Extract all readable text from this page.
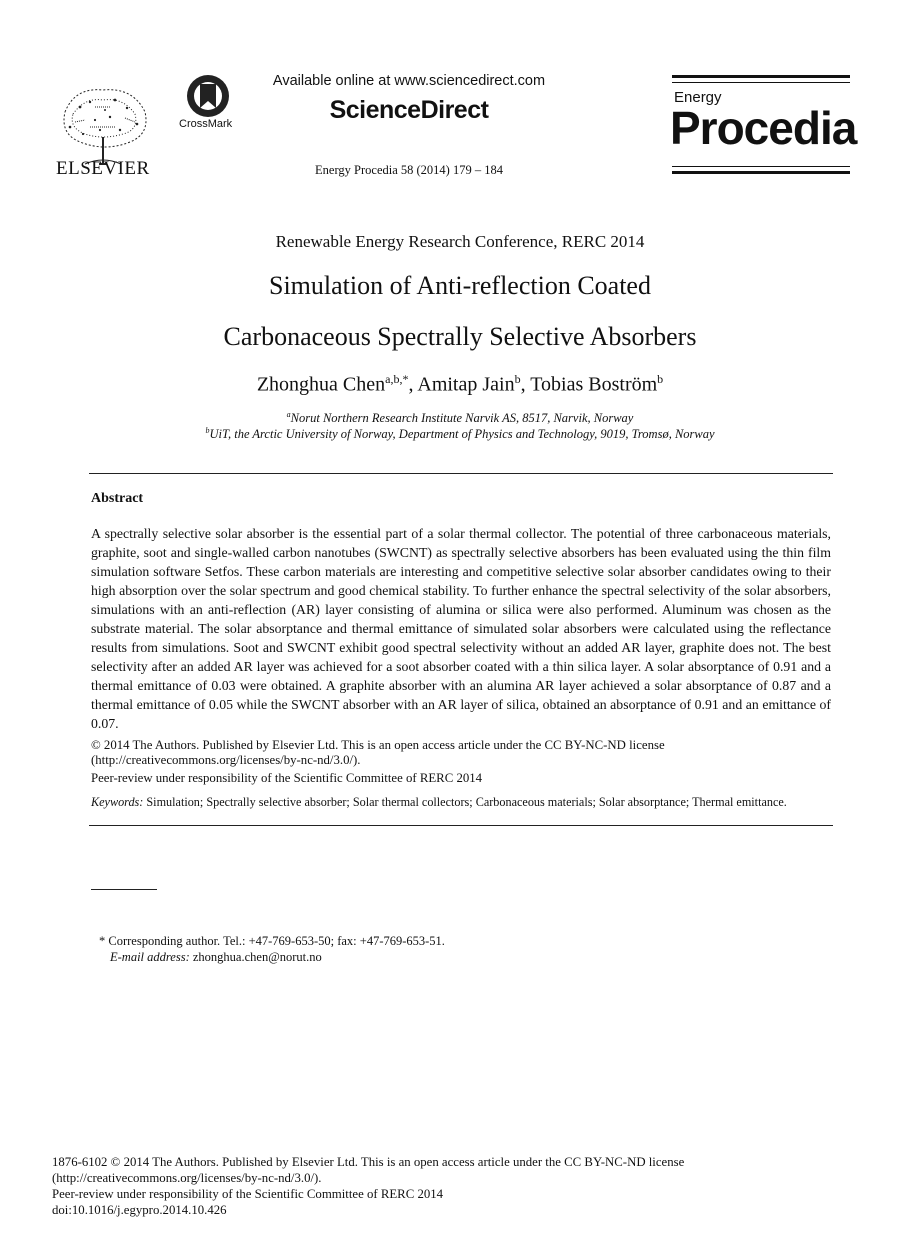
ELSEVIER
CrossMark
Available online at www.sciencedirect.com
ScienceDirect
Energy Procedia 58 (2014) 179 – 184
Energy
Procedia
Renewable Energy Research Conference, RERC 2014
Simulation of Anti-reflection Coated
Carbonaceous Spectrally Selective Absorbers
Zhonghua Chen$^{a,b,*}$, Amitap Jain$^b$, Tobias Boström$^b$
$^a$Norut Northern Research Institute Narvik AS, 8517, Narvik, Norway
$^b$UiT, the Arctic University of Norway, Department of Physics and Technology, 9019, Tromsø, Norway
Abstract
A spectrally selective solar absorber is the essential part of a solar thermal collector. The potential of three carbonaceous materials, graphite, soot and single-walled carbon nanotubes (SWCNT) as spectrally selective absorbers has been evaluated using the thin film simulation software Setfos. These carbon materials are interesting and competitive selective solar absorber candidates owing to their high absorption over the solar spectrum and good chemical stability. To further enhance the spectral selectivity of the solar absorbers, simulations with an anti-reflection (AR) layer consisting of alumina or silica were also performed. Aluminum was chosen as the substrate material. The solar absorptance and thermal emittance of simulated solar absorbers were calculated using the reflectance results from simulations. Soot and SWCNT exhibit good spectral selectivity without an added AR layer, graphite does not. The best selectivity after an added AR layer was achieved for a soot absorber coated with a thin silica layer. A solar absorptance of 0.91 and a thermal emittance of 0.03 were obtained. A graphite absorber with an alumina AR layer achieved a solar absorptance of 0.87 and a thermal emittance of 0.05 while the SWCNT absorber with an AR layer of silica, obtained an absorptance of 0.91 and an emittance of 0.07.
© 2014 The Authors. Published by Elsevier Ltd. This is an open access article under the CC BY-NC-ND license
(http://creativecommons.org/licenses/by-nc-nd/3.0/).
Peer-review under responsibility of the Scientific Committee of RERC 2014
Keywords: Simulation; Spectrally selective absorber; Solar thermal collectors; Carbonaceous materials; Solar absorptance; Thermal emittance.
* Corresponding author. Tel.: +47-769-653-50; fax: +47-769-653-51.
E-mail address: zhonghua.chen@norut.no
1876-6102 © 2014 The Authors. Published by Elsevier Ltd. This is an open access article under the CC BY-NC-ND license
(http://creativecommons.org/licenses/by-nc-nd/3.0/).
Peer-review under responsibility of the Scientific Committee of RERC 2014
doi:10.1016/j.egypro.2014.10.426
